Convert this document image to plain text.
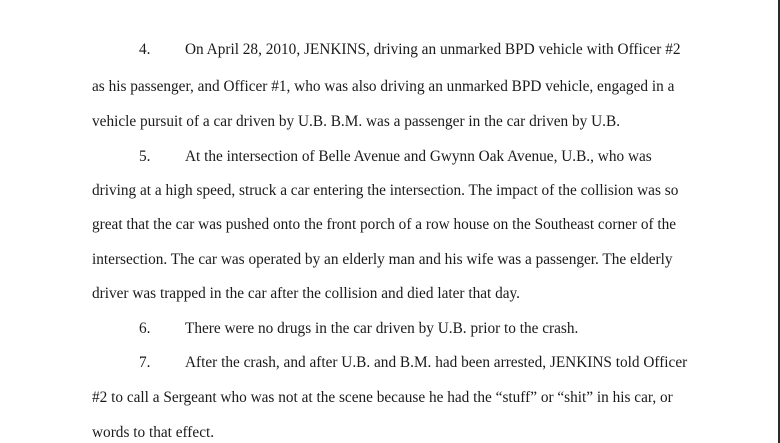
4. On April 28, 2010, JENKINS, driving an unmarked BPD vehicle with Officer #2
as his passenger, and Officer #1, who was also driving an unmarked BPD vehicle, engaged in a
vehicle pursuit of a car driven by U.B. B.M. was a passenger in the car driven by U.B.
5. At the intersection of Belle Avenue and Gwynn Oak Avenue, U.B., who was
driving at a high speed, struck a car entering the intersection. The impact of the collision was so
great that the car was pushed onto the front porch of a row house on the Southeast corner of the
intersection. The car was operated by an elderly man and his wife was a passenger. The elderly
driver was trapped in the car after the collision and died later that day.
6. There were no drugs in the car driven by U.B. prior to the crash.
7. After the crash, and after U.B. and B.M. had been arrested, JENKINS told Officer
#2 to call a Sergeant who was not at the scene because he had the “stuff” or “shit” in his car, or
words to that effect.
